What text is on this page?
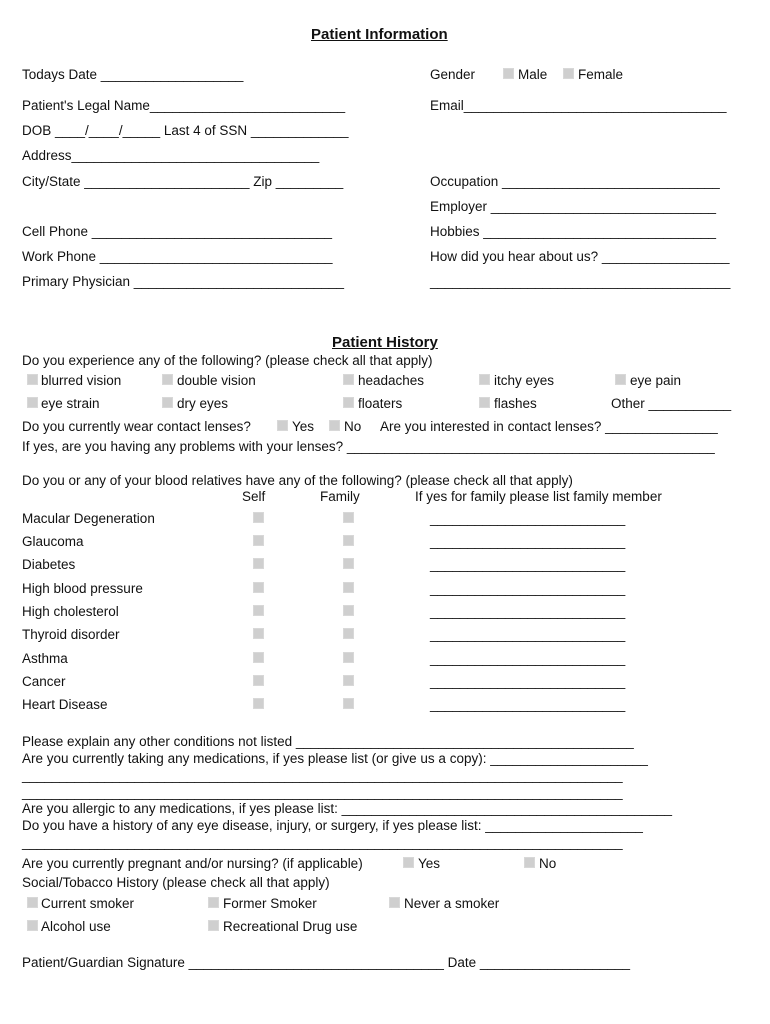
Patient Information
Todays Date ___________________	Gender	Male Female
Patient's Legal Name__________________________	Email___________________________________
DOB ____/____/_____ Last 4 of SSN _____________
Address_________________________________
City/State ______________________ Zip _________	Occupation _____________________________
Employer ______________________________
Cell Phone ________________________________	Hobbies _______________________________
Work Phone _______________________________	How did you hear about us? _________________
Primary Physician ____________________________	________________________________________
Patient History
Do you experience any of the following? (please check all that apply)
blurred vision	double vision	headaches	itchy eyes	eye pain
eye strain	dry eyes	floaters	flashes	Other ___________
Do you currently wear contact lenses?	Yes No Are you interested in contact lenses? _______________
If yes, are you having any problems with your lenses? _________________________________________________
Do you or any of your blood relatives have any of the following? (please check all that apply)
Self	Family	If yes for family please list family member
Macular Degeneration	__________________________
Glaucoma	__________________________
Diabetes	__________________________
High blood pressure	__________________________
High cholesterol	__________________________
Thyroid disorder	__________________________
Asthma	__________________________
Cancer	__________________________
Heart Disease	__________________________
Please explain any other conditions not listed _____________________________________________
Are you currently taking any medications, if yes please list (or give us a copy): _____________________
________________________________________________________________________________
________________________________________________________________________________
Are you allergic to any medications, if yes please list: ____________________________________________
Do you have a history of any eye disease, injury, or surgery, if yes please list: _____________________
________________________________________________________________________________
Are you currently pregnant and/or nursing? (if applicable)	Yes	No
Social/Tobacco History (please check all that apply)
Current smoker	Former Smoker	Never a smoker
Alcohol use	Recreational Drug use
Patient/Guardian Signature __________________________________ Date ____________________
